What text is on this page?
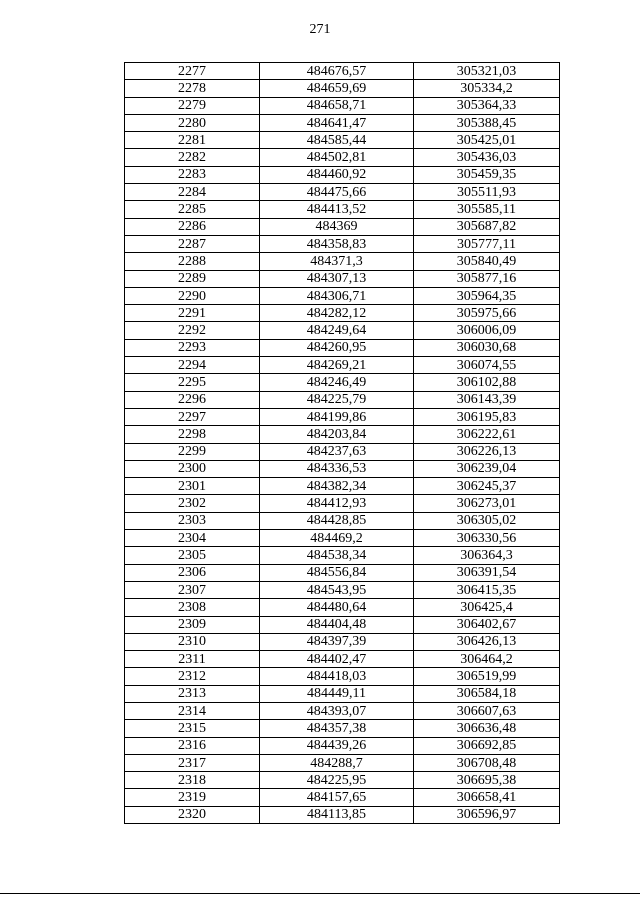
271
2277	484676,57	305321,03
2278	484659,69	305334,2
2279	484658,71	305364,33
2280	484641,47	305388,45
2281	484585,44	305425,01
2282	484502,81	305436,03
2283	484460,92	305459,35
2284	484475,66	305511,93
2285	484413,52	305585,11
2286	484369	305687,82
2287	484358,83	305777,11
2288	484371,3	305840,49
2289	484307,13	305877,16
2290	484306,71	305964,35
2291	484282,12	305975,66
2292	484249,64	306006,09
2293	484260,95	306030,68
2294	484269,21	306074,55
2295	484246,49	306102,88
2296	484225,79	306143,39
2297	484199,86	306195,83
2298	484203,84	306222,61
2299	484237,63	306226,13
2300	484336,53	306239,04
2301	484382,34	306245,37
2302	484412,93	306273,01
2303	484428,85	306305,02
2304	484469,2	306330,56
2305	484538,34	306364,3
2306	484556,84	306391,54
2307	484543,95	306415,35
2308	484480,64	306425,4
2309	484404,48	306402,67
2310	484397,39	306426,13
2311	484402,47	306464,2
2312	484418,03	306519,99
2313	484449,11	306584,18
2314	484393,07	306607,63
2315	484357,38	306636,48
2316	484439,26	306692,85
2317	484288,7	306708,48
2318	484225,95	306695,38
2319	484157,65	306658,41
2320	484113,85	306596,97
